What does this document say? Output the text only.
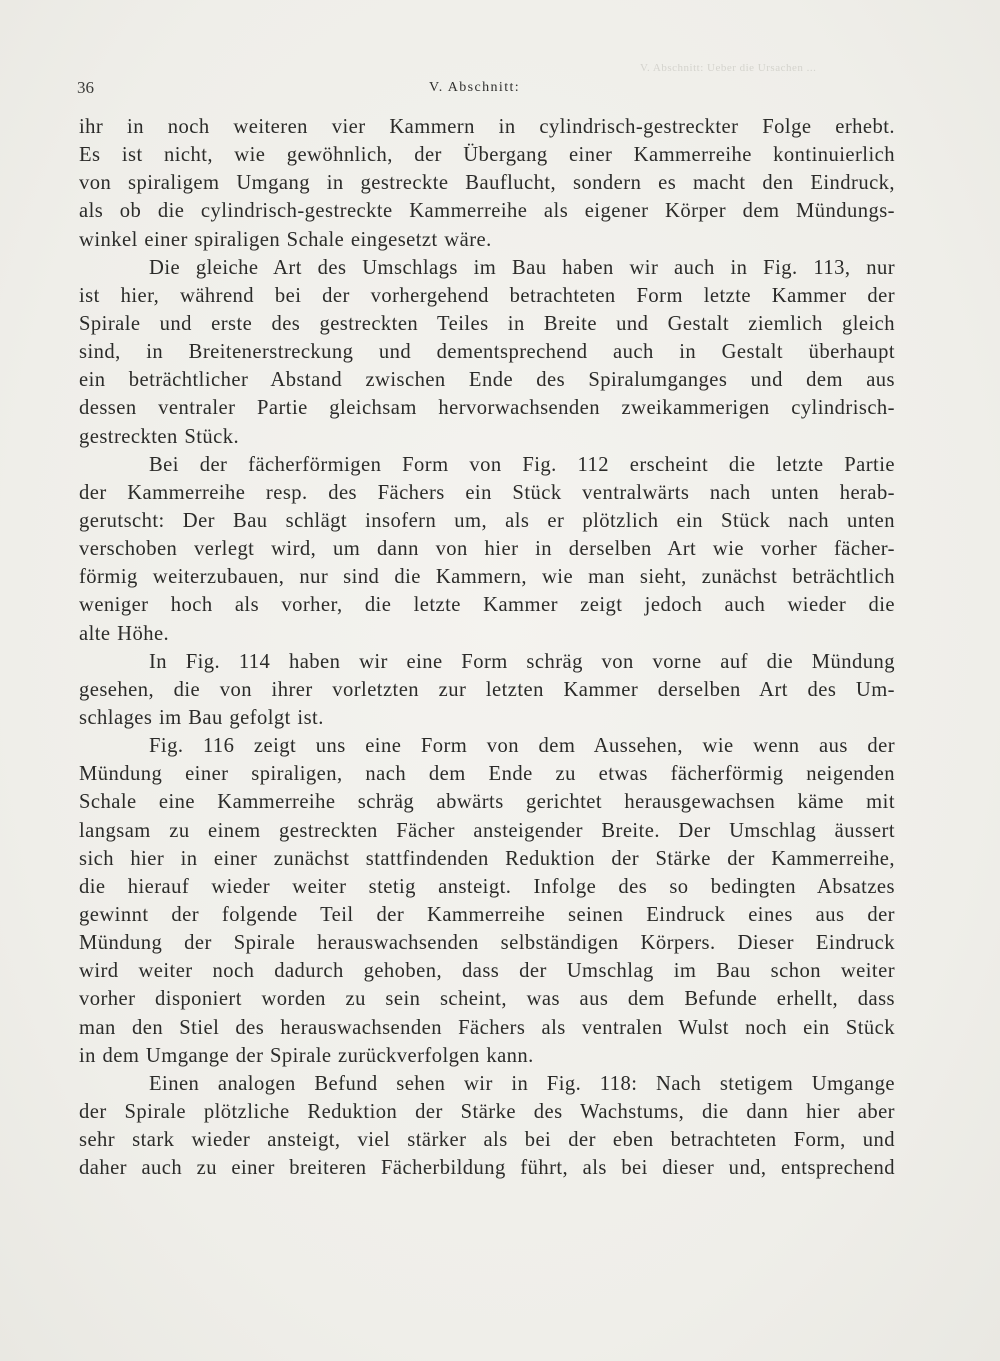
V. Abschnitt: Ueber die Ursachen ...
36	V. Abschnitt:
ihr in noch weiteren vier Kammern in cylindrisch-gestreckter Folge erhebt.
Es ist nicht, wie gewöhnlich, der Übergang einer Kammerreihe kontinuierlich
von spiraligem Umgang in gestreckte Bauflucht, sondern es macht den Eindruck,
als ob die cylindrisch-gestreckte Kammerreihe als eigener Körper dem Mündungs-
winkel einer spiraligen Schale eingesetzt wäre.
Die gleiche Art des Umschlags im Bau haben wir auch in Fig. 113, nur
ist hier, während bei der vorhergehend betrachteten Form letzte Kammer der
Spirale und erste des gestreckten Teiles in Breite und Gestalt ziemlich gleich
sind, in Breitenerstreckung und dementsprechend auch in Gestalt überhaupt
ein beträchtlicher Abstand zwischen Ende des Spiralumganges und dem aus
dessen ventraler Partie gleichsam hervorwachsenden zweikammerigen cylindrisch-
gestreckten Stück.
Bei der fächerförmigen Form von Fig. 112 erscheint die letzte Partie
der Kammerreihe resp. des Fächers ein Stück ventralwärts nach unten herab-
gerutscht: Der Bau schlägt insofern um, als er plötzlich ein Stück nach unten
verschoben verlegt wird, um dann von hier in derselben Art wie vorher fächer-
förmig weiterzubauen, nur sind die Kammern, wie man sieht, zunächst beträchtlich
weniger hoch als vorher, die letzte Kammer zeigt jedoch auch wieder die
alte Höhe.
In Fig. 114 haben wir eine Form schräg von vorne auf die Mündung
gesehen, die von ihrer vorletzten zur letzten Kammer derselben Art des Um-
schlages im Bau gefolgt ist.
Fig. 116 zeigt uns eine Form von dem Aussehen, wie wenn aus der
Mündung einer spiraligen, nach dem Ende zu etwas fächerförmig neigenden
Schale eine Kammerreihe schräg abwärts gerichtet herausgewachsen käme mit
langsam zu einem gestreckten Fächer ansteigender Breite. Der Umschlag äussert
sich hier in einer zunächst stattfindenden Reduktion der Stärke der Kammerreihe,
die hierauf wieder weiter stetig ansteigt. Infolge des so bedingten Absatzes
gewinnt der folgende Teil der Kammerreihe seinen Eindruck eines aus der
Mündung der Spirale herauswachsenden selbständigen Körpers. Dieser Eindruck
wird weiter noch dadurch gehoben, dass der Umschlag im Bau schon weiter
vorher disponiert worden zu sein scheint, was aus dem Befunde erhellt, dass
man den Stiel des herauswachsenden Fächers als ventralen Wulst noch ein Stück
in dem Umgange der Spirale zurückverfolgen kann.
Einen analogen Befund sehen wir in Fig. 118: Nach stetigem Umgange
der Spirale plötzliche Reduktion der Stärke des Wachstums, die dann hier aber
sehr stark wieder ansteigt, viel stärker als bei der eben betrachteten Form, und
daher auch zu einer breiteren Fächerbildung führt, als bei dieser und, entsprechend
